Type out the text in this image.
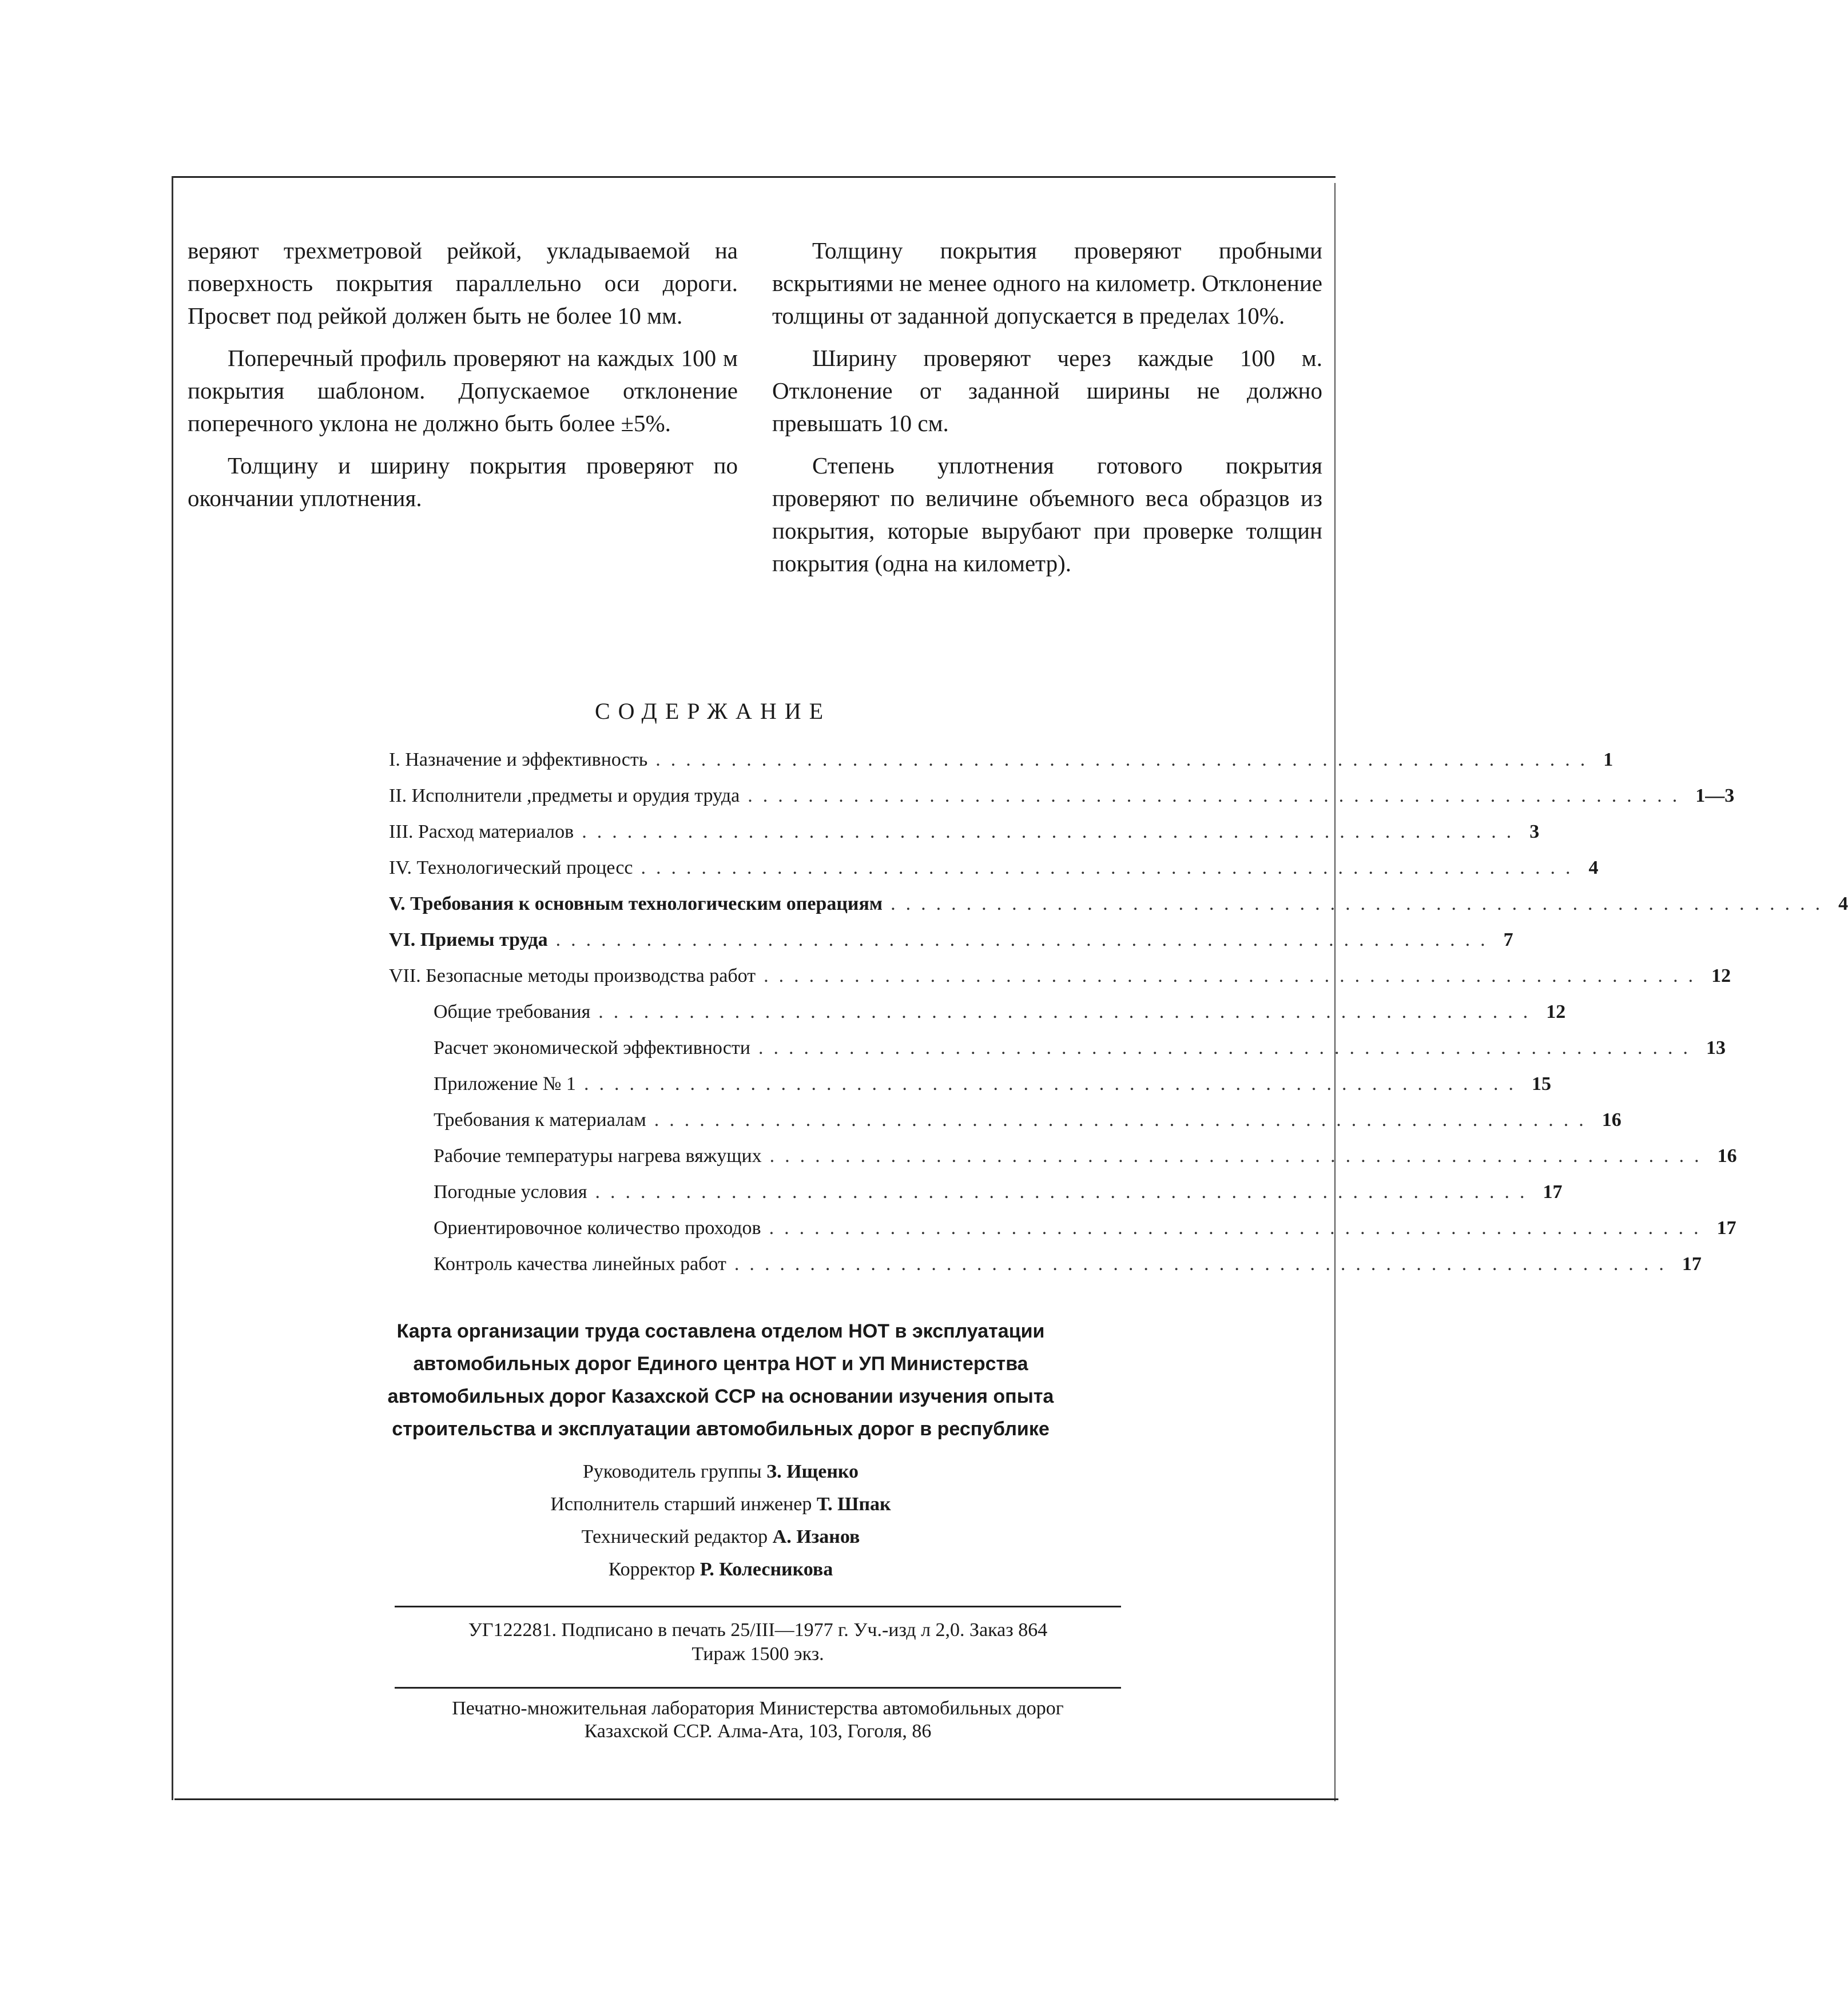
веряют трехметровой рейкой, укладываемой на поверхность покрытия параллельно оси дороги. Просвет под рейкой должен быть не более 10 мм.

Поперечный профиль проверяют на каждых 100 м покрытия шаблоном. Допускаемое отклонение поперечного уклона не должно быть более ±5%.

Толщину и ширину покрытия проверяют по окончании уплотнения.

Толщину покрытия проверяют пробными вскрытиями не менее одного на километр. Отклонение толщины от заданной допускается в пределах 10%.

Ширину проверяют через каждые 100 м. Отклонение от заданной ширины не должно превышать 10 см.

Степень уплотнения готового покрытия проверяют по величине объемного веса образцов из покрытия, которые вырубают при проверке толщин покрытия (одна на километр).

СОДЕРЖАНИЕ
I. Назначение и эффективность .............................................................. 1
II. Исполнители ,предметы и орудия труда .............................................................. 1—3
III. Расход материалов .............................................................. 3
IV. Технологический процесс .............................................................. 4
V. Требования к основным технологическим операциям .............................................................. 4
VI. Приемы труда .............................................................. 7
VII. Безопасные методы производства работ .............................................................. 12
Общие требования .............................................................. 12
Расчет экономической эффективности .............................................................. 13
Приложение № 1 .............................................................. 15
Требования к материалам .............................................................. 16
Рабочие температуры нагрева вяжущих .............................................................. 16
Погодные условия .............................................................. 17
Ориентировочное количество проходов .............................................................. 17
Контроль качества линейных работ .............................................................. 17
Карта организации труда составлена отделом НОТ в эксплуатации
автомобильных дорог Единого центра НОТ и УП Министерства
автомобильных дорог Казахской ССР на основании изучения опыта
строительства и эксплуатации автомобильных дорог в республике
Руководитель группы З. Ищенко
Исполнитель старший инженер Т. Шпак
Технический редактор А. Изанов
Корректор Р. Колесникова
УГ122281. Подписано в печать 25/III—1977 г. Уч.-изд л 2,0. Заказ 864
Тираж 1500 экз.
Печатно-множительная лаборатория Министерства автомобильных дорог
Казахской ССР. Алма-Ата, 103, Гоголя, 86
